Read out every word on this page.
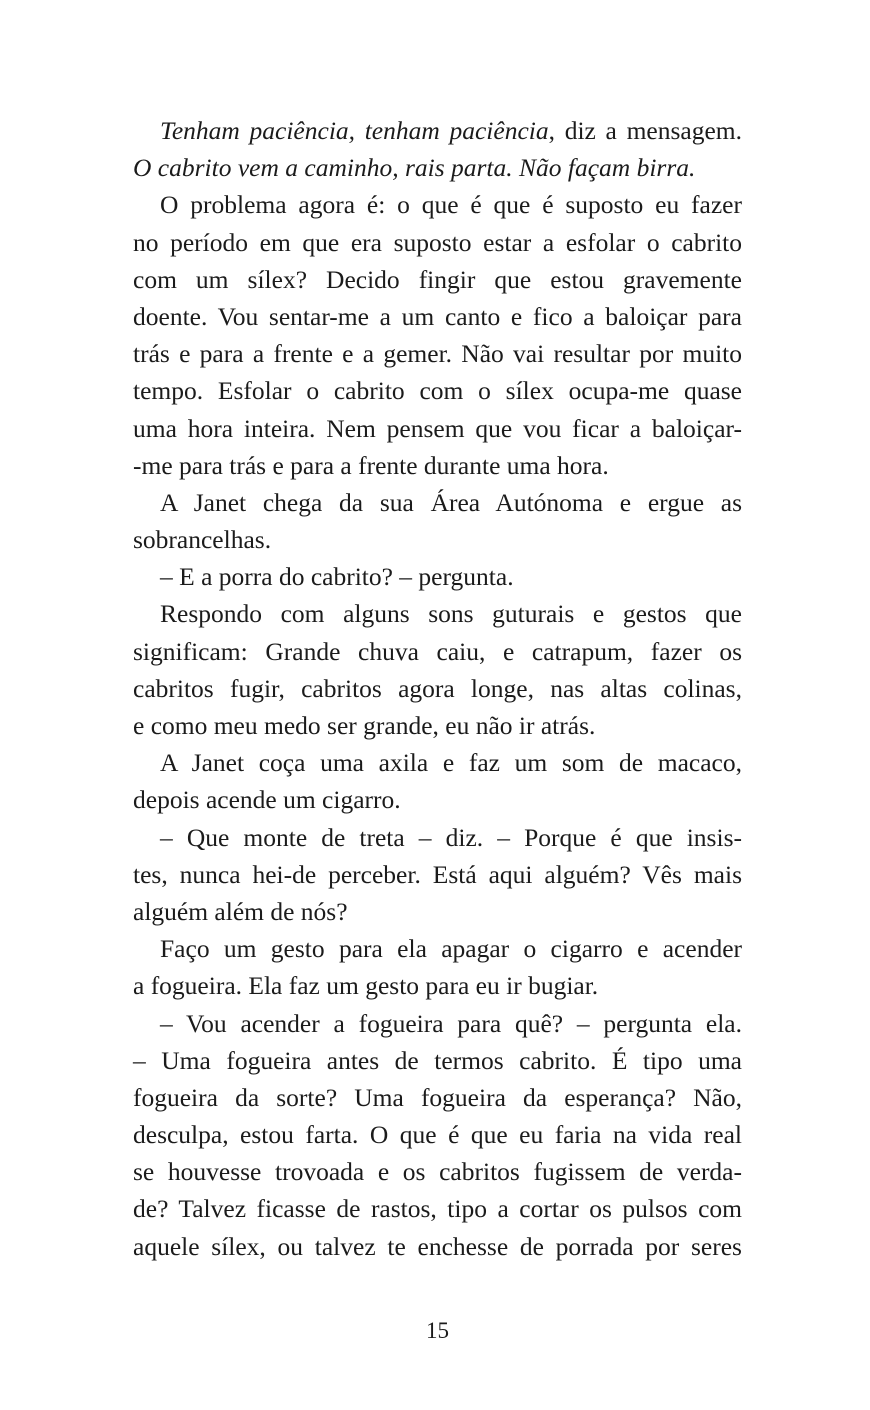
Tenham paciência, tenham paciência, diz a mensagem.
O cabrito vem a caminho, rais parta. Não façam birra.
O problema agora é: o que é que é suposto eu fazer
no período em que era suposto estar a esfolar o cabrito
com um sílex? Decido fingir que estou gravemente
doente. Vou sentar-me a um canto e fico a baloiçar para
trás e para a frente e a gemer. Não vai resultar por muito
tempo. Esfolar o cabrito com o sílex ocupa-me quase
uma hora inteira. Nem pensem que vou ficar a baloiçar-
-me para trás e para a frente durante uma hora.
A Janet chega da sua Área Autónoma e ergue as
sobrancelhas.
– E a porra do cabrito? – pergunta.
Respondo com alguns sons guturais e gestos que
significam: Grande chuva caiu, e catrapum, fazer os
cabritos fugir, cabritos agora longe, nas altas colinas,
e como meu medo ser grande, eu não ir atrás.
A Janet coça uma axila e faz um som de macaco,
depois acende um cigarro.
– Que monte de treta – diz. – Porque é que insis-
tes, nunca hei-de perceber. Está aqui alguém? Vês mais
alguém além de nós?
Faço um gesto para ela apagar o cigarro e acender
a fogueira. Ela faz um gesto para eu ir bugiar.
– Vou acender a fogueira para quê? – pergunta ela.
– Uma fogueira antes de termos cabrito. É tipo uma
fogueira da sorte? Uma fogueira da esperança? Não,
desculpa, estou farta. O que é que eu faria na vida real
se houvesse trovoada e os cabritos fugissem de verda-
de? Talvez ficasse de rastos, tipo a cortar os pulsos com
aquele sílex, ou talvez te enchesse de porrada por seres
15
